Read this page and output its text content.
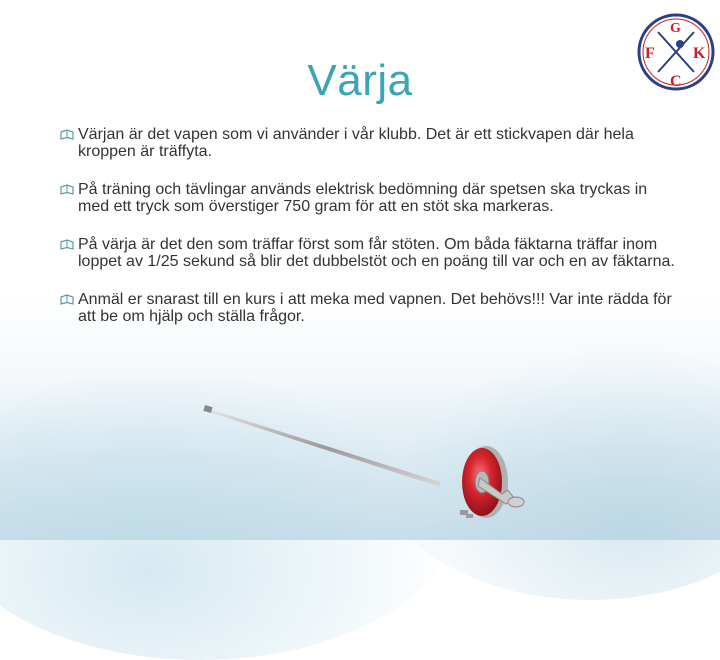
Värja
G
F K
C
Värjan är det vapen som vi använder i vår klubb. Det är ett stickvapen där hela kroppen är träffyta.
På träning och tävlingar används elektrisk bedömning där spetsen ska tryckas in med ett tryck som överstiger 750 gram för att en stöt ska markeras.
På värja är det den som träffar först som får stöten. Om båda fäktarna träffar inom loppet av 1/25 sekund så blir det dubbelstöt och en poäng till var och en av fäktarna.
Anmäl er snarast till en kurs i att meka med vapnen. Det behövs!!! Var inte rädda för att be om hjälp och ställa frågor.
